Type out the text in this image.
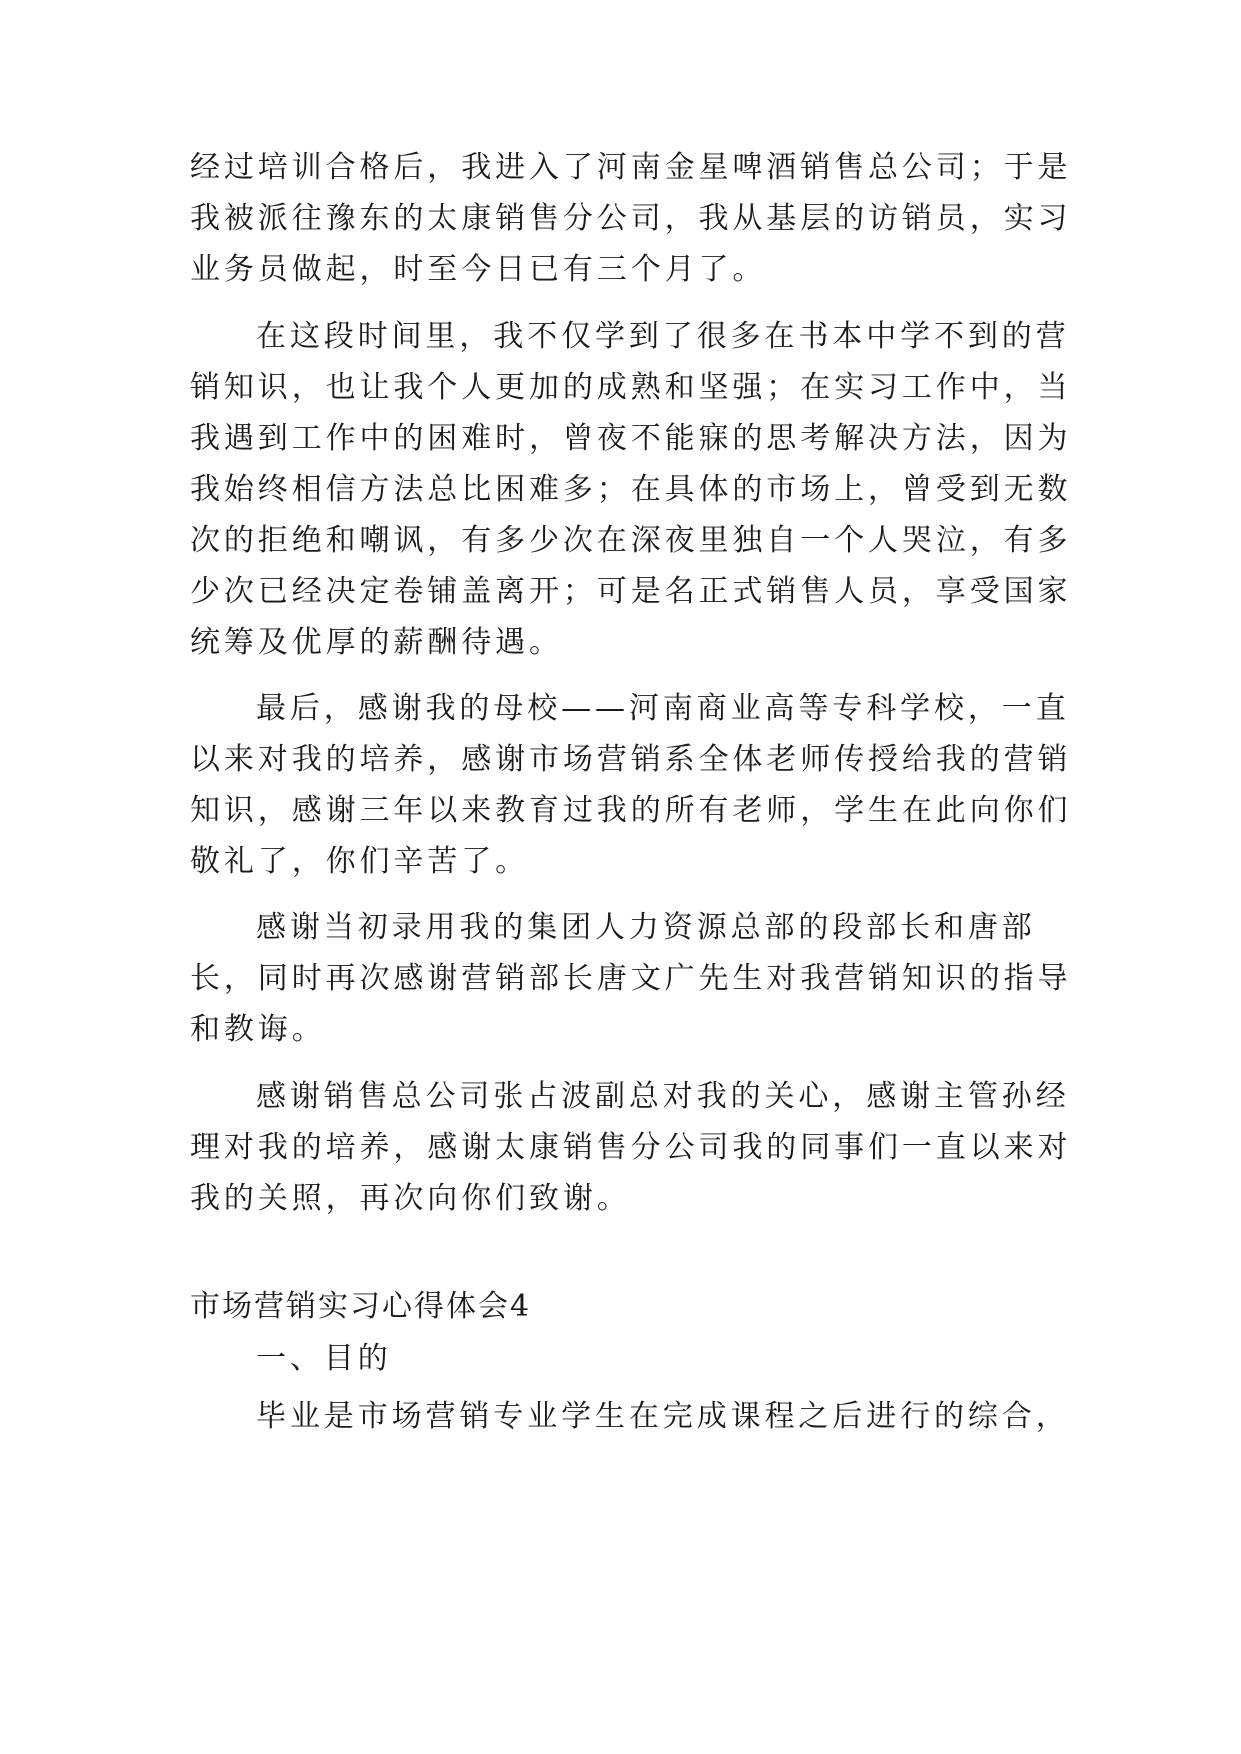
经过培训合格后，我进入了河南金星啤酒销售总公司；于是
我被派往豫东的太康销售分公司，我从基层的访销员，实习
业务员做起，时至今日已有三个月了。
在这段时间里，我不仅学到了很多在书本中学不到的营
销知识，也让我个人更加的成熟和坚强；在实习工作中，当
我遇到工作中的困难时，曾夜不能寐的思考解决方法，因为
我始终相信方法总比困难多；在具体的市场上，曾受到无数
次的拒绝和嘲讽，有多少次在深夜里独自一个人哭泣，有多
少次已经决定卷铺盖离开；可是名正式销售人员，享受国家
统筹及优厚的薪酬待遇。
最后，感谢我的母校——河南商业高等专科学校，一直
以来对我的培养，感谢市场营销系全体老师传授给我的营销
知识，感谢三年以来教育过我的所有老师，学生在此向你们
敬礼了，你们辛苦了。
感谢当初录用我的集团人力资源总部的段部长和唐部
长，同时再次感谢营销部长唐文广先生对我营销知识的指导
和教诲。
感谢销售总公司张占波副总对我的关心，感谢主管孙经
理对我的培养，感谢太康销售分公司我的同事们一直以来对
我的关照，再次向你们致谢。
市场营销实习心得体会4
一、目的
毕业是市场营销专业学生在完成课程之后进行的综合，
